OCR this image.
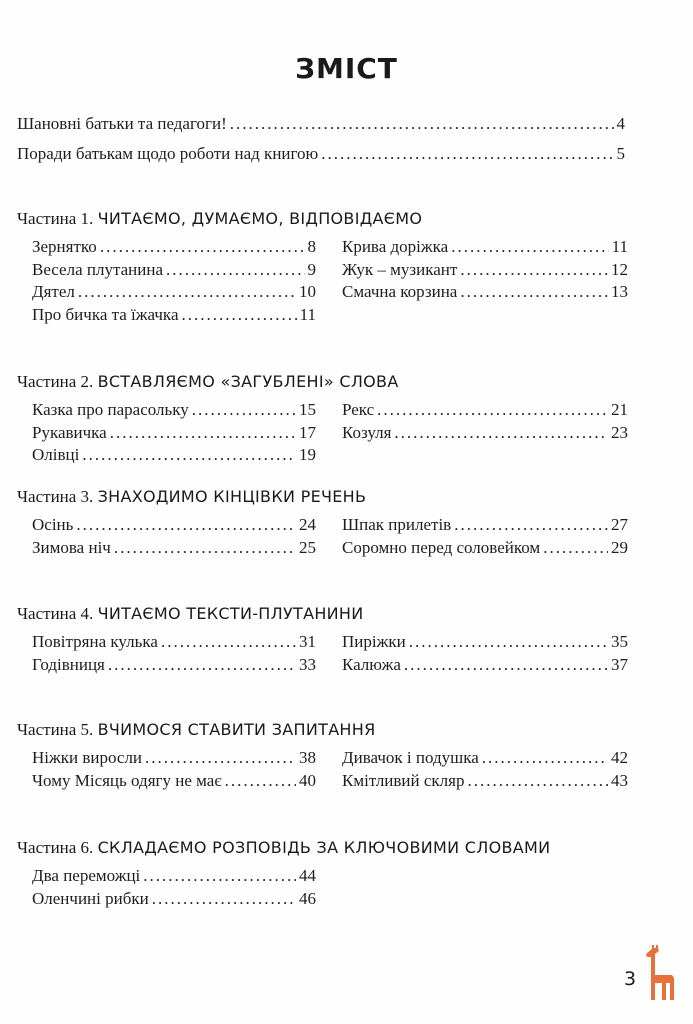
ЗМІСТ
Шановні батьки та педагоги! .....	4
Поради батькам щодо роботи над книгою .....	5
Частина 1. ЧИТАЄМО, ДУМАЄМО, ВІДПОВІДАЄМО
Зернятко .....	8
Весела плутанина .....	9
Дятел .....	10
Про бичка та їжачка .....	11
Крива доріжка .....	11
Жук – музикант .....	12
Смачна корзина .....	13
Частина 2. ВСТАВЛЯЄМО «ЗАГУБЛЕНІ» СЛОВА
Казка про парасольку .....	15
Рукавичка .....	17
Олівці .....	19
Рекс .....	21
Козуля .....	23
Частина 3. ЗНАХОДИМО КІНЦІВКИ РЕЧЕНЬ
Осінь .....	24
Зимова ніч .....	25
Шпак прилетів .....	27
Соромно перед соловейком .....	29
Частина 4. ЧИТАЄМО ТЕКСТИ-ПЛУТАНИНИ
Повітряна кулька .....	31
Годівниця .....	33
Пиріжки .....	35
Калюжа .....	37
Частина 5. ВЧИМОСЯ СТАВИТИ ЗАПИТАННЯ
Ніжки виросли .....	38
Чому Місяць одягу не має .....	40
Дивачок і подушка .....	42
Кмітливий скляр .....	43
Частина 6. СКЛАДАЄМО РОЗПОВІДЬ ЗА КЛЮЧОВИМИ СЛОВАМИ
Два переможці .....	44
Оленчині рибки .....	46
3
